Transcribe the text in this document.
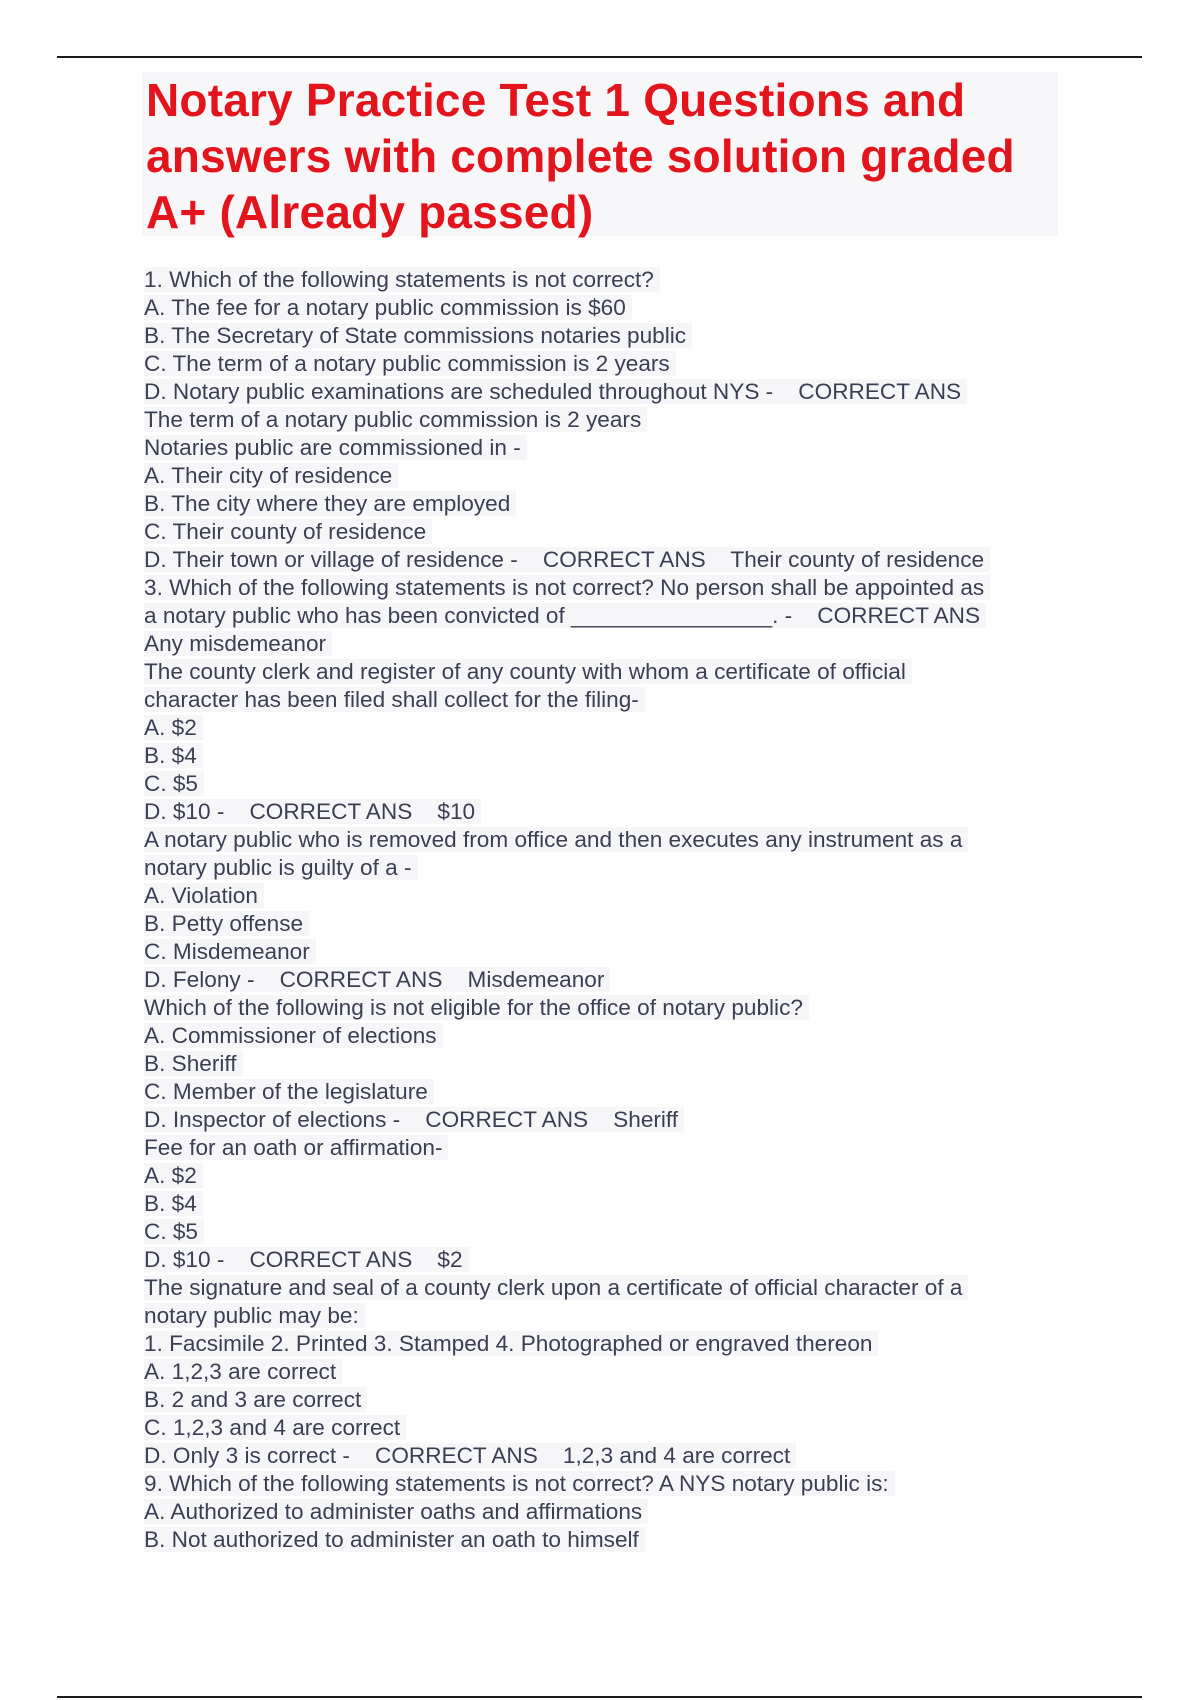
Notary Practice Test 1 Questions and answers with complete solution graded A+ (Already passed)
1. Which of the following statements is not correct?
A. The fee for a notary public commission is $60
B. The Secretary of State commissions notaries public
C. The term of a notary public commission is 2 years
D. Notary public examinations are scheduled throughout NYS -    CORRECT ANS
The term of a notary public commission is 2 years
Notaries public are commissioned in -
A. Their city of residence
B. The city where they are employed
C. Their county of residence
D. Their town or village of residence -    CORRECT ANS    Their county of residence
3. Which of the following statements is not correct? No person shall be appointed as
a notary public who has been convicted of ________________. -    CORRECT ANS
Any misdemeanor
The county clerk and register of any county with whom a certificate of official
character has been filed shall collect for the filing-
A. $2
B. $4
C. $5
D. $10 -    CORRECT ANS    $10
A notary public who is removed from office and then executes any instrument as a
notary public is guilty of a -
A. Violation
B. Petty offense
C. Misdemeanor
D. Felony -    CORRECT ANS    Misdemeanor
Which of the following is not eligible for the office of notary public?
A. Commissioner of elections
B. Sheriff
C. Member of the legislature
D. Inspector of elections -    CORRECT ANS    Sheriff
Fee for an oath or affirmation-
A. $2
B. $4
C. $5
D. $10 -    CORRECT ANS    $2
The signature and seal of a county clerk upon a certificate of official character of a
notary public may be:
1. Facsimile 2. Printed 3. Stamped 4. Photographed or engraved thereon
A. 1,2,3 are correct
B. 2 and 3 are correct
C. 1,2,3 and 4 are correct
D. Only 3 is correct -    CORRECT ANS    1,2,3 and 4 are correct
9. Which of the following statements is not correct? A NYS notary public is:
A. Authorized to administer oaths and affirmations
B. Not authorized to administer an oath to himself
